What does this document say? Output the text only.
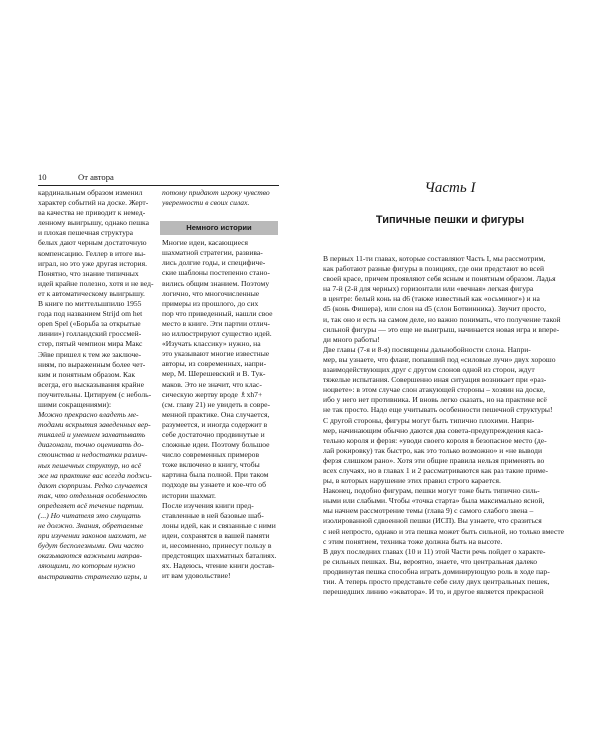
10	От автора
кардинальным образом изменил
характер событий на доске. Жерт-
ва качества не приводит к немед-
ленному выигрышу, однако пешка
и плохая пешечная структура
белых дают черным достаточную
компенсацию. Геллер в итоге вы-
играл, но это уже другая история.
Понятно, что знание типичных
идей крайне полезно, хотя и не вед-
ет к автоматическому выигрышу.
В книге по миттельшпилю 1955
года под названием Strijd om het
open Spel («Борьба за открытые
линии») голландский гроссмей-
стер, пятый чемпион мира Макс
Эйве пришел к тем же заключе-
ниям, по выраженным более чет-
ким и понятным образом. Как
всегда, его высказывания крайне
поучительны. Цитируем (с неболь-
шими сокращениями):
Можно прекрасно владеть ме-
тодами вскрытия заведенных вер-
тикалей и умением захватывать
диагонали, точно оценивать до-
стоинства и недостатки различ-
ных пешечных структур, но всё
же на практике вас всегда поджи-
дают сюрпризы. Редко случается
так, что отдельная особенность
определяет всё течение партии.
(...) Но читателя это смущать
не должно. Знания, обретаемые
при изучении законов шахмат, не
будут бесполезными. Они часто
оказываются важными направ-
ляющими, по которым нужно
выстраивать стратегию игры, и
потому придают игроку чувство
уверенности в своих силах.
Многие идеи, касающиеся
шахматной стратегии, развива-
лись долгие годы, и специфиче-
ские шаблоны постепенно стано-
вились общим знанием. Поэтому
логично, что многочисленные
примеры из прошлого, до сих
пор что приведенный, нашли свое
место в книге. Эти партии отлич-
но иллюстрируют существо идей.
«Изучать классику» нужно, на
это указывают многие известные
авторы, из современных, напри-
мер, М. Шерешевский и В. Тук-
маков. Это не значит, что клас-
сическую жертву вроде ♗xh7+
(см. главу 21) не увидеть в совре-
менной практике. Она случается,
разумеется, и иногда содержит в
себе достаточно продвинутые и
сложные идеи. Поэтому большое
число современных примеров
тоже включено в книгу, чтобы
картина была полной. При таком
подходе вы узнаете и кое-что об
истории шахмат.
После изучения книги пред-
ставленные в ней базовые шаб-
лоны идей, как и связанные с ними
идеи, сохранятся в вашей памяти
и, несомненно, принесут пользу в
предстоящих шахматных баталиях.
ях. Надеюсь, чтение книги достав-
ит вам удовольствие!
Немного истории
Часть I
Типичные пешки и фигуры
В первых 11-ти главах, которые составляют Часть I, мы рассмотрим,
как работают разные фигуры в позициях, где они предстают во всей
своей красе, причем проявляют себя ясным и понятным образом. Ладья
на 7-й (2-й для черных) горизонтали или «вечная» легкая фигура
в центре: белый конь на d6 (также известный как «осьминог») и на
d5 (конь Фишера), или слон на d5 (слон Ботвинника). Звучит просто,
и, так оно и есть на самом деле, но важно понимать, что получение такой
сильной фигуры — это еще не выигрыш, начинается новая игра и впере-
ди много работы!
Две главы (7-я и 8-я) посвящены дальнобойности слона. Напри-
мер, вы узнаете, что фланг, попавший под «силовые лучи» двух хорошо
взаимодействующих друг с другом слонов одной из сторон, ждут
тяжелые испытания. Совершенно иная ситуация возникает при «раз-
ноцвете»: в этом случае слон атакующей стороны – хозяин на доске,
ибо у него нет противника. И вновь легко сказать, но на практике всё
не так просто. Надо еще учитывать особенности пешечной структуры!
С другой стороны, фигуры могут быть типично плохими. Напри-
мер, начинающим обычно даются два совета-предупреждения каса-
тельно короля и ферзя: «уводи своего короля в безопасное место (де-
лай рокировку) так быстро, как это только возможно» и «не выводи
ферзя слишком рано». Хотя эти общие правила нельзя применять во
всех случаях, но в главах 1 и 2 рассматриваются как раз такие приме-
ры, в которых нарушение этих правил строго карается.
Наконец, подобно фигурам, пешки могут тоже быть типично силь-
ными или слабыми. Чтобы «точка старта» была максимально ясной,
мы начнем рассмотрение темы (глава 9) с самого слабого звена –
изолированной сдвоенной пешки (ИСП). Вы узнаете, что сразиться
с ней непросто, однако и эта пешка может быть сильной, но только вместе
с этим понятием, техника тоже должна быть на высоте.
В двух последних главах (10 и 11) этой Части речь пойдет о характе-
ре сильных пешках. Вы, вероятно, знаете, что центральная далеко
продвинутая пешка способна играть доминирующую роль в ходе пар-
тии. А теперь просто представьте себе силу двух центральных пешек,
перешедших линию «экватора». И то, и другое является прекрасной
